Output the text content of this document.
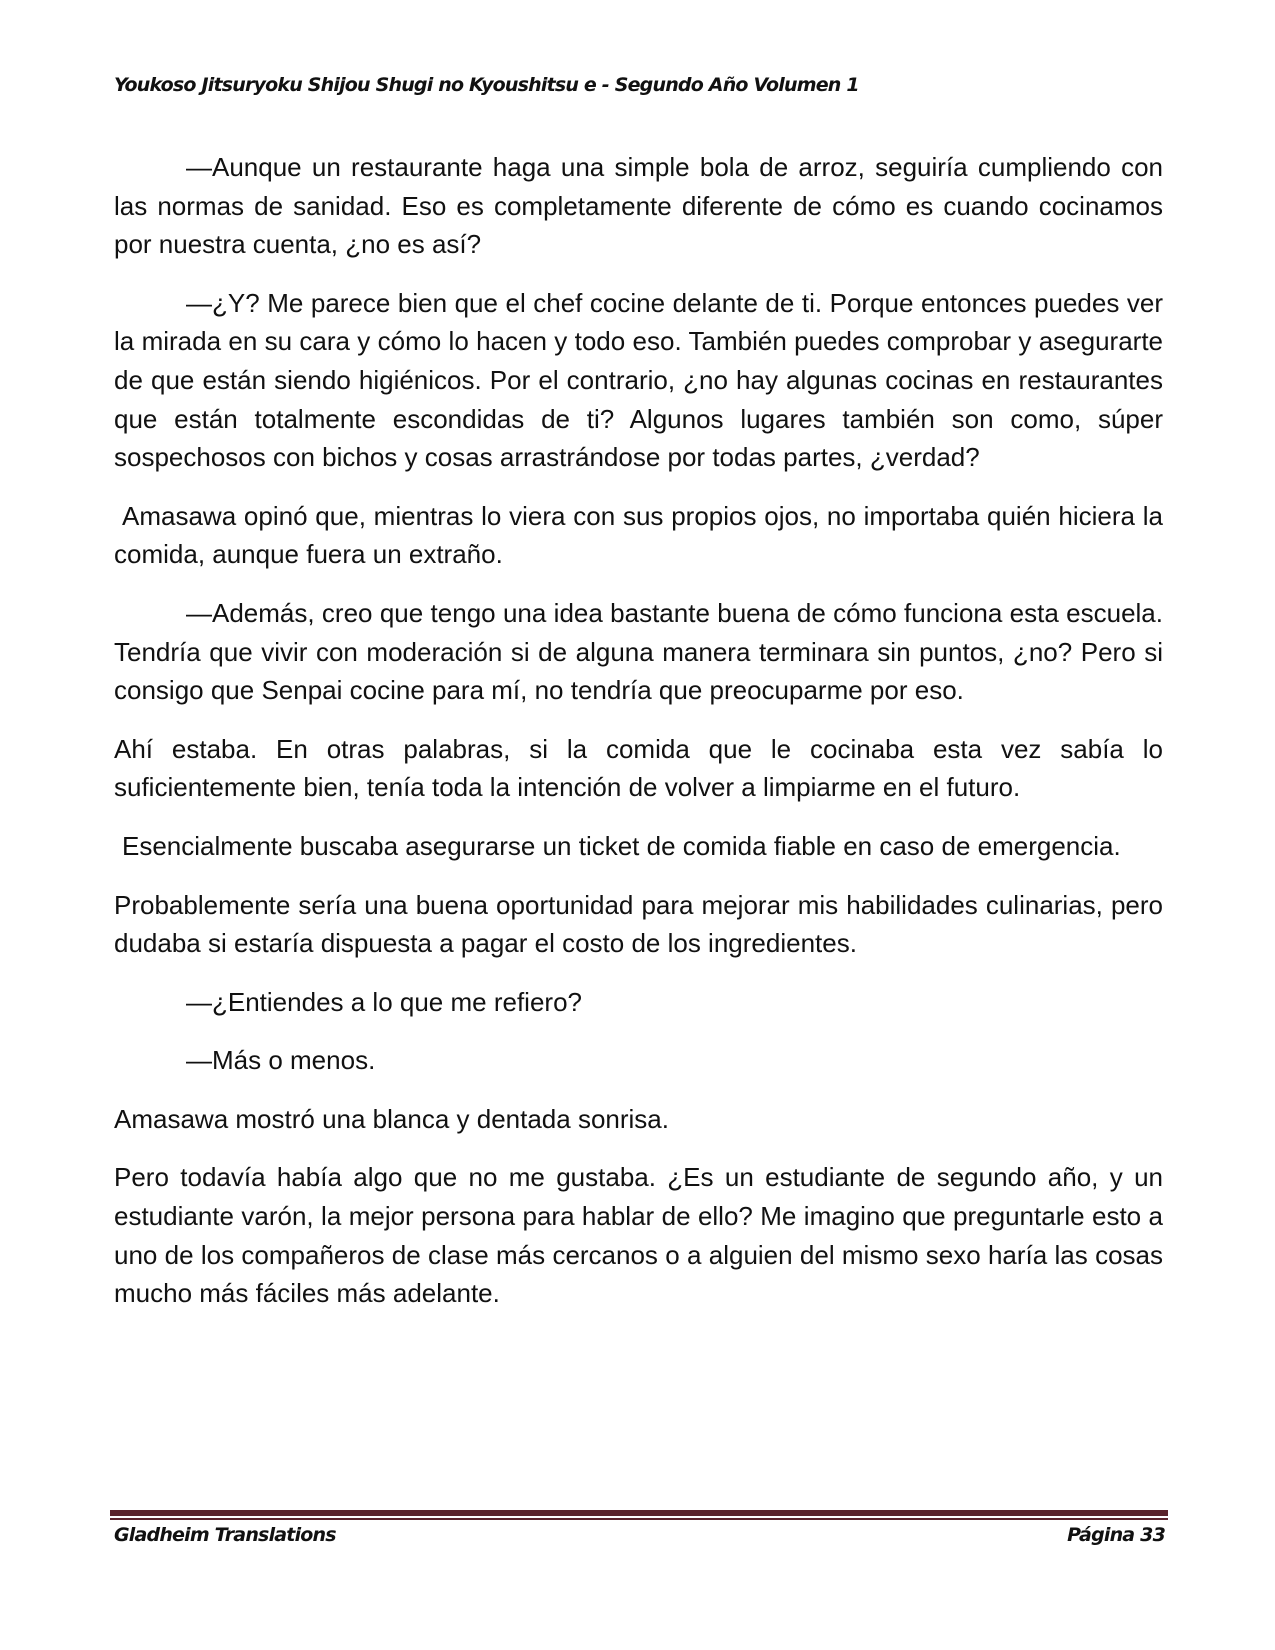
Youkoso Jitsuryoku Shijou Shugi no Kyoushitsu e - Segundo Año Volumen 1

—Aunque un restaurante haga una simple bola de arroz, seguiría cumpliendo con las normas de sanidad. Eso es completamente diferente de cómo es cuando cocinamos por nuestra cuenta, ¿no es así?

—¿Y? Me parece bien que el chef cocine delante de ti. Porque entonces puedes ver la mirada en su cara y cómo lo hacen y todo eso. También puedes comprobar y asegurarte de que están siendo higiénicos. Por el contrario, ¿no hay algunas cocinas en restaurantes que están totalmente escondidas de ti? Algunos lugares también son como, súper sospechosos con bichos y cosas arrastrándose por todas partes, ¿verdad?

Amasawa opinó que, mientras lo viera con sus propios ojos, no importaba quién hiciera la comida, aunque fuera un extraño.

—Además, creo que tengo una idea bastante buena de cómo funciona esta escuela. Tendría que vivir con moderación si de alguna manera terminara sin puntos, ¿no? Pero si consigo que Senpai cocine para mí, no tendría que preocuparme por eso.

Ahí estaba. En otras palabras, si la comida que le cocinaba esta vez sabía lo suficientemente bien, tenía toda la intención de volver a limpiarme en el futuro.

Esencialmente buscaba asegurarse un ticket de comida fiable en caso de emergencia.

Probablemente sería una buena oportunidad para mejorar mis habilidades culinarias, pero dudaba si estaría dispuesta a pagar el costo de los ingredientes.

—¿Entiendes a lo que me refiero?

—Más o menos.

Amasawa mostró una blanca y dentada sonrisa.

Pero todavía había algo que no me gustaba. ¿Es un estudiante de segundo año, y un estudiante varón, la mejor persona para hablar de ello? Me imagino que preguntarle esto a uno de los compañeros de clase más cercanos o a alguien del mismo sexo haría las cosas mucho más fáciles más adelante.

Gladheim Translations	Página 33
